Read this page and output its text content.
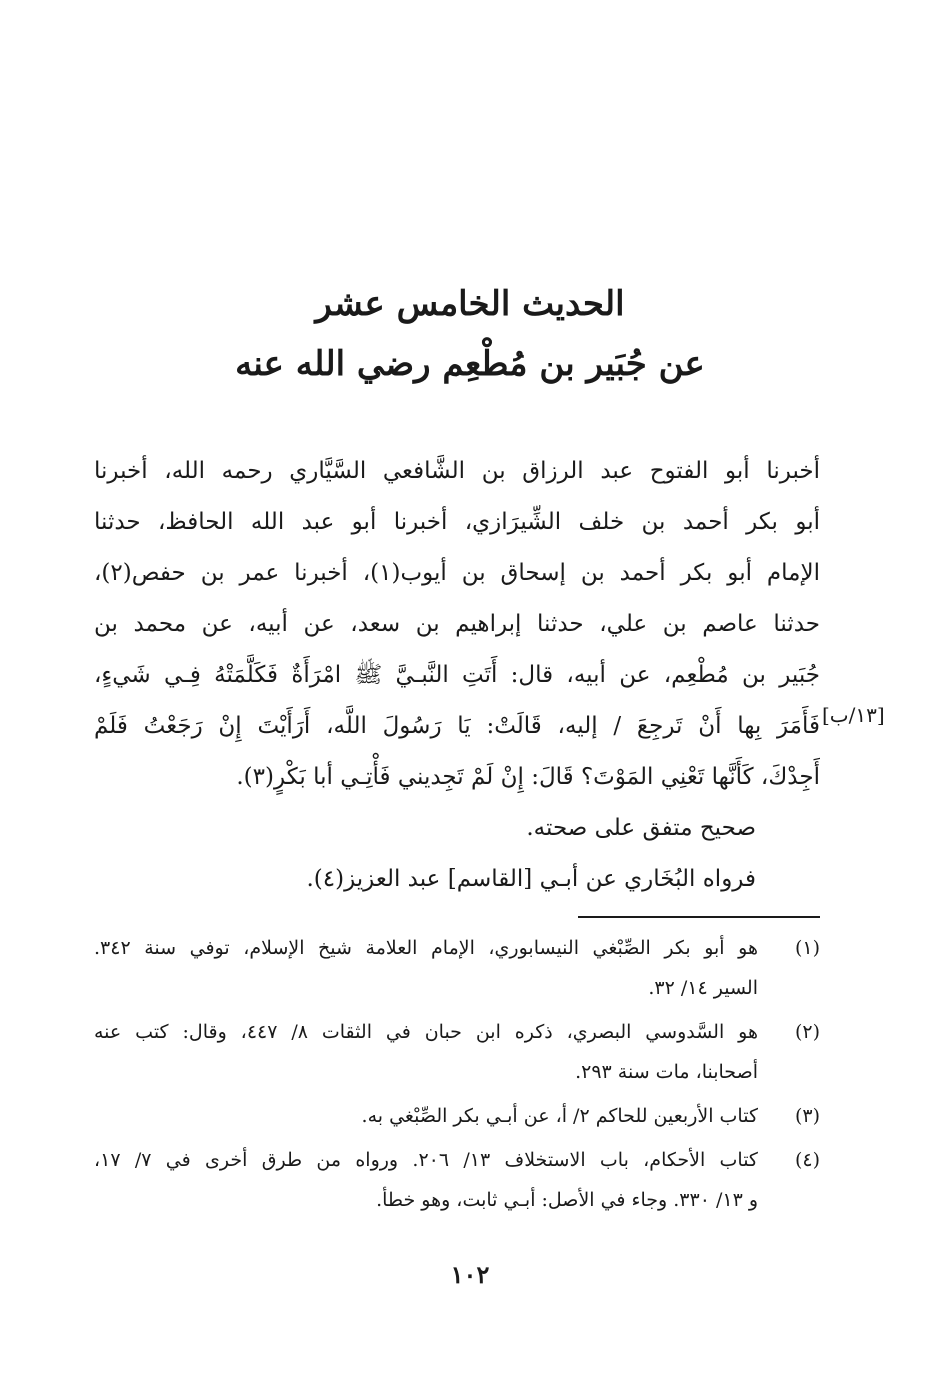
الحديث الخامس عشر
عن جُبَير بن مُطْعِم رضي الله عنه
أخبرنا أبو الفتوح عبد الرزاق بن الشَّافعي السَّيَّاري رحمه الله، أخبرنا
أبو بكر أحمد بن خلف الشِّيرَازي، أخبرنا أبو عبد الله الحافظ، حدثنا
الإمام أبو بكر أحمد بن إسحاق بن أيوب(١)، أخبرنا عمر بن حفص(٢)،
حدثنا عاصم بن علي، حدثنا إبراهيم بن سعد، عن أبيه، عن محمد بن
جُبَير بن مُطْعِم، عن أبيه، قال: أَتَتِ النَّبـيَّ ﷺ امْرَأَةٌ فَكَلَّمَتْهُ فِـي شَيءٍ،
فَأَمَرَ بِها أَنْ تَرجِعَ / إليه، قَالَتْ: يَا رَسُولَ اللَّه، أَرَأَيْتَ إِنْ رَجَعْتُ فَلَمْ
أَجِدْكَ، كَأَنَّها تَعْنِي المَوْتَ؟ قَالَ: إِنْ لَمْ تَجِديني فَأْتِـي أبا بَكْرٍ(٣).
صحيح متفق على صحته.
فرواه البُخَاري عن أبـي [القاسم] عبد العزيز(٤).
[١٣/ب]
(١)
هو أبو بكر الصِّبْغي النيسابوري، الإمام العلامة شيخ الإسلام، توفي سنة ٣٤٢.
السير ١٤/ ٣٢.
(٢)
هو السَّدوسي البصري، ذكره ابن حبان في الثقات ٨/ ٤٤٧، وقال: كتب عنه
أصحابنا، مات سنة ٢٩٣.
(٣)
كتاب الأربعين للحاكم ٢/ أ، عن أبـي بكر الصِّبْغي به.
(٤)
كتاب الأحكام، باب الاستخلاف ١٣/ ٢٠٦. ورواه من طرق أخرى في ٧/ ١٧،
و ١٣/ ٣٣٠. وجاء في الأصل: أبـي ثابت، وهو خطأ.
١٠٢
